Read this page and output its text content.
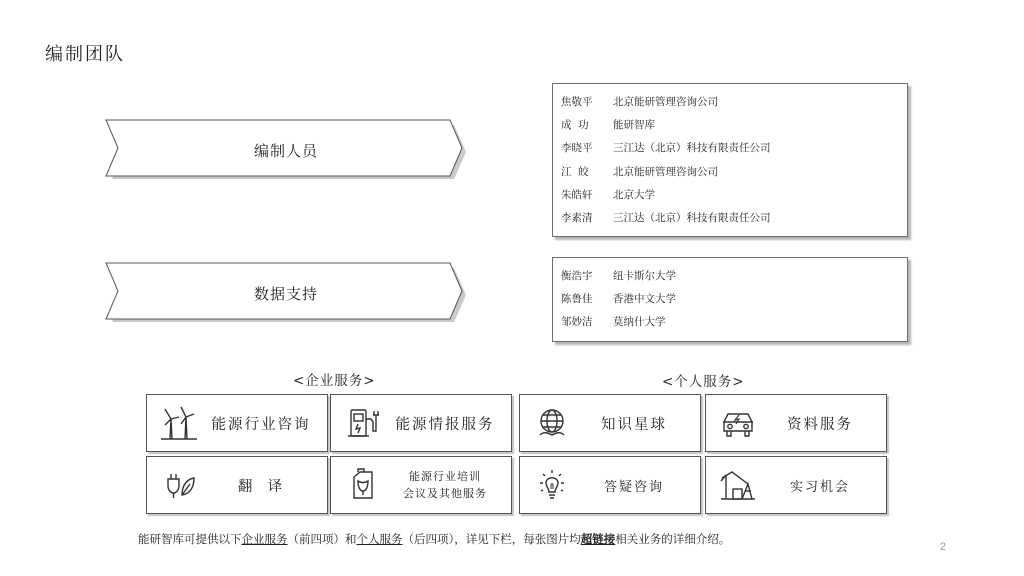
编制团队
编制人员
数据支持
焦敬平	北京能研管理咨询公司
成  功	能研智库
李晓平	三江达（北京）科技有限责任公司
江  皎	北京能研管理咨询公司
朱皓轩	北京大学
李素清	三江达（北京）科技有限责任公司
衡浩宇	纽卡斯尔大学
陈鲁佳	香港中文大学
邹妙洁	莫纳什大学
<企业服务>	<个人服务>
能源行业咨询	能源情报服务	知识星球	资料服务
翻  译
能源行业培训
会议及其他服务	答疑咨询	实习机会
能研智库可提供以下企业服务（前四项）和个人服务（后四项），详见下栏，每张图片均超链接相关业务的详细介绍。
2
